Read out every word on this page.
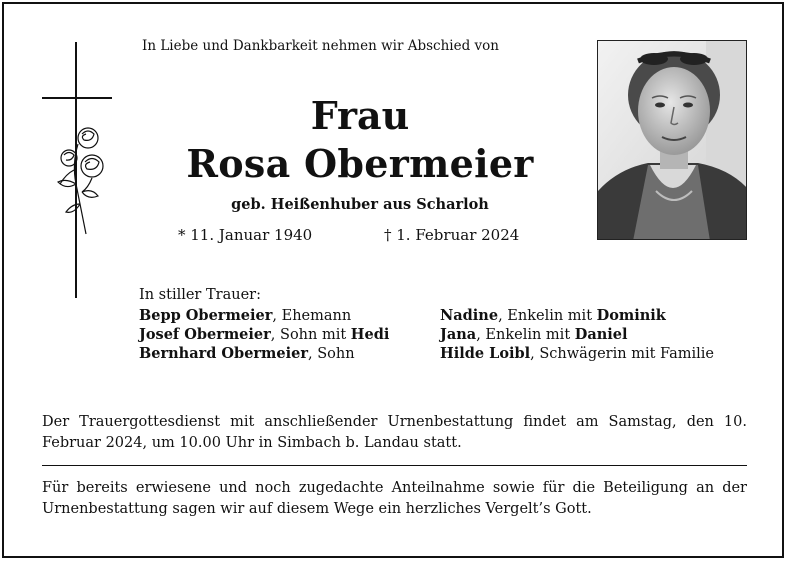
In Liebe und Dankbarkeit nehmen wir Abschied von
Frau
Rosa Obermeier
geb. Heißenhuber aus Scharloh
* 11. Januar 1940	† 1. Februar 2024
In stiller Trauer:
Bepp Obermeier, Ehemann
Josef Obermeier, Sohn mit Hedi
Bernhard Obermeier, Sohn
Nadine, Enkelin mit Dominik
Jana, Enkelin mit Daniel
Hilde Loibl, Schwägerin mit Familie
Der Trauergottesdienst mit anschließender Urnenbestattung findet am Samstag, den 10. Februar 2024, um 10.00 Uhr in Simbach b. Landau statt.
Für bereits erwiesene und noch zugedachte Anteilnahme sowie für die Beteiligung an der Urnenbestattung sagen wir auf diesem Wege ein herzliches Vergelt’s Gott.
